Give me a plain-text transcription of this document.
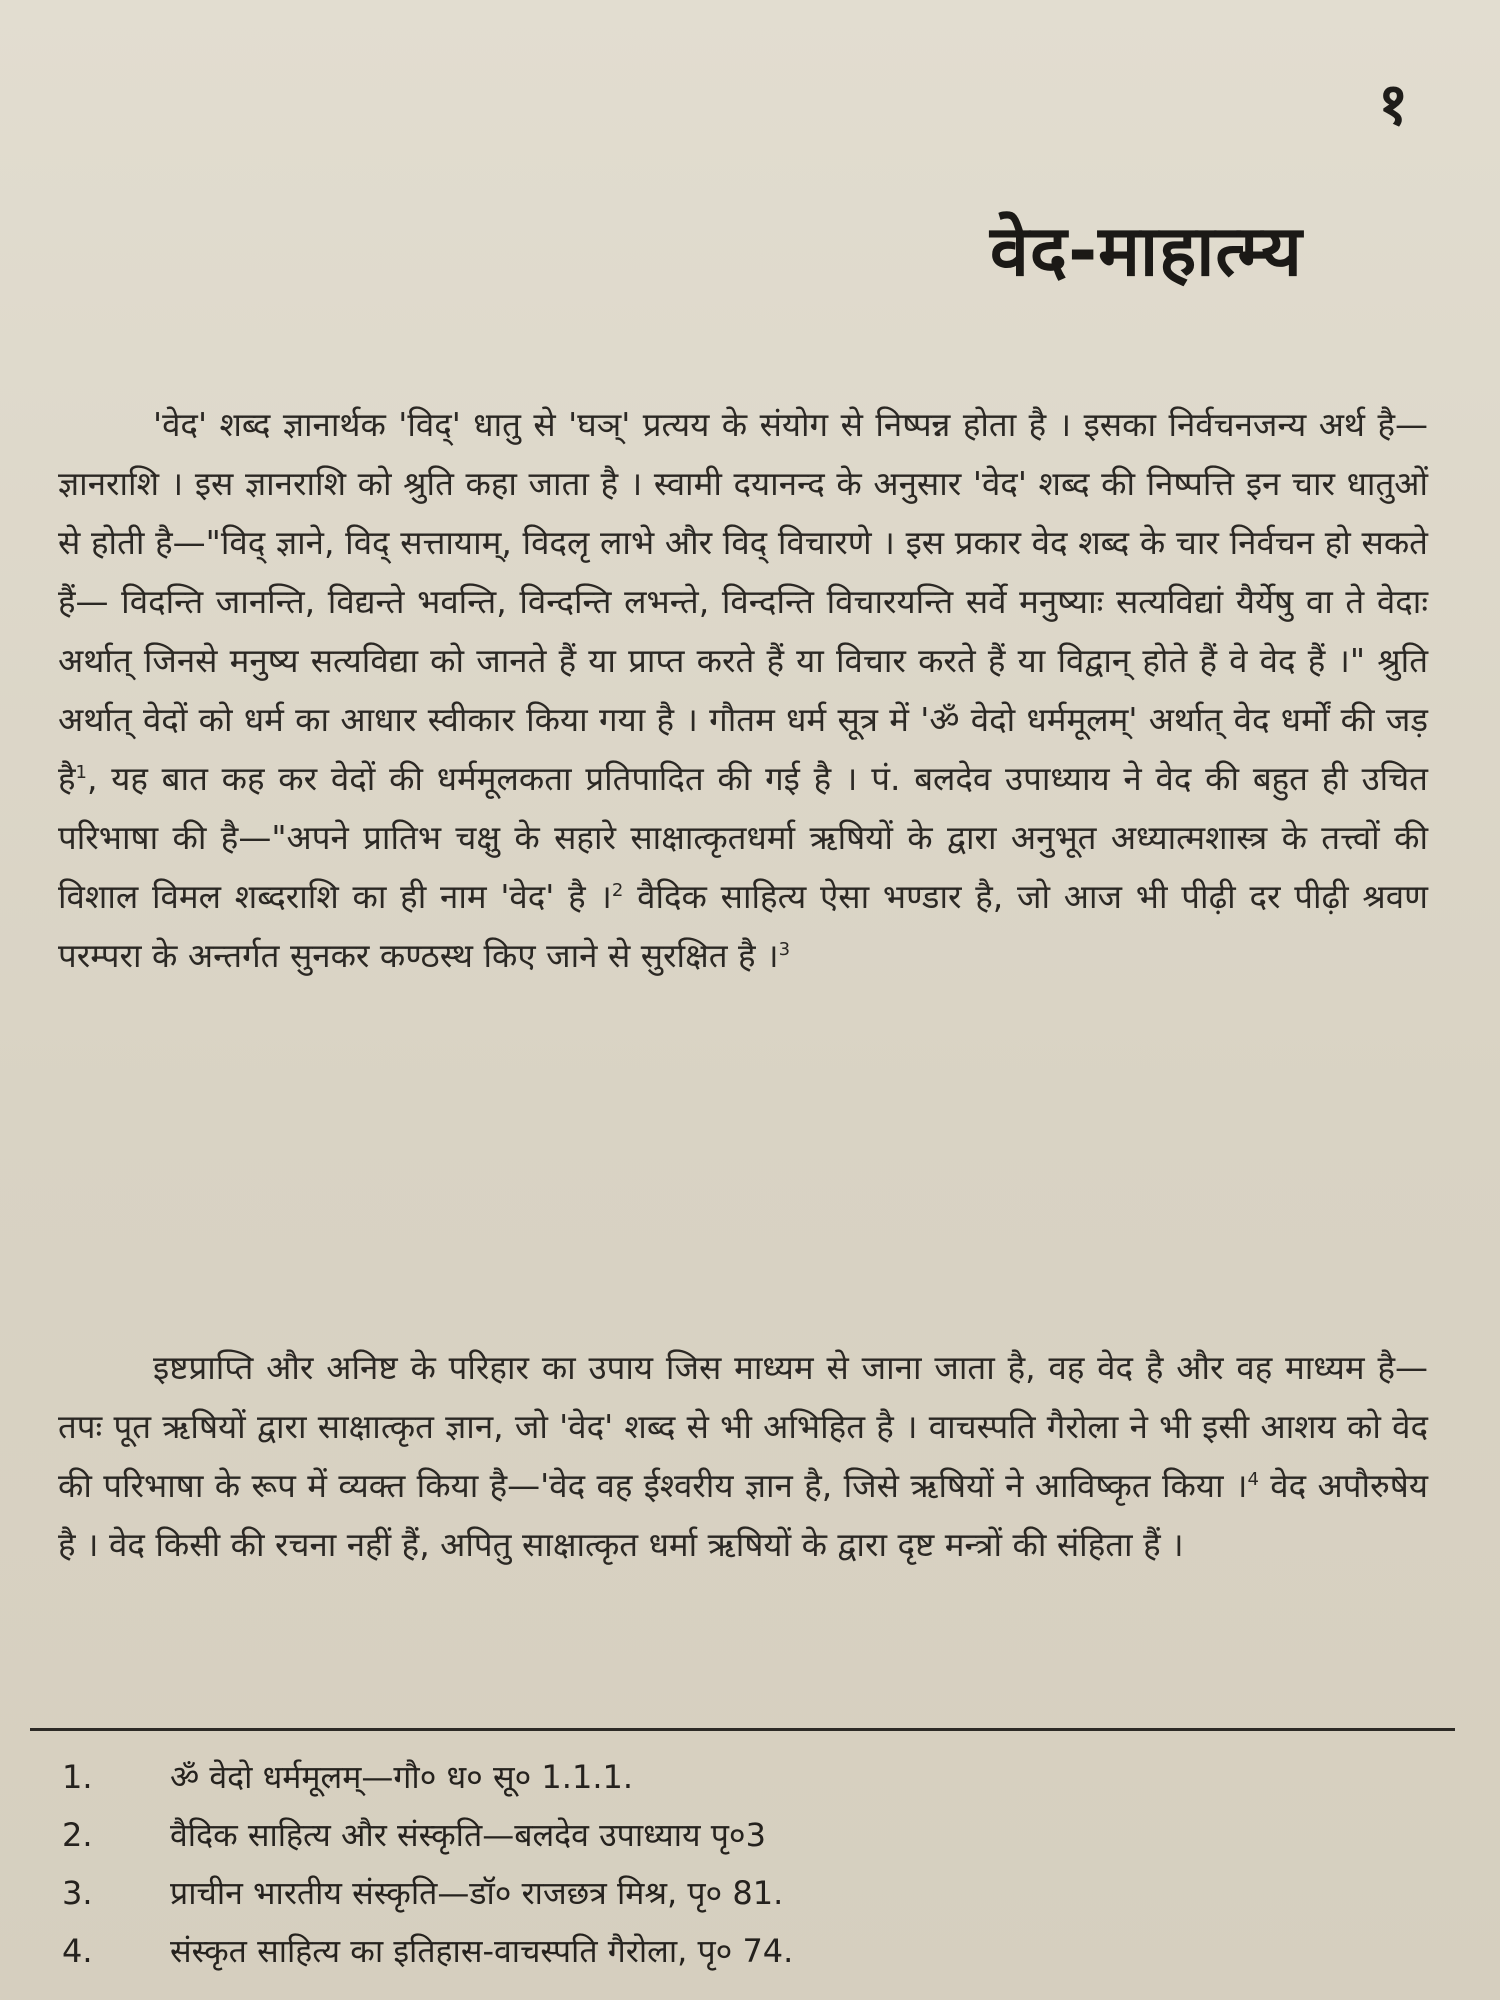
१
वेद-माहात्म्य

'वेद' शब्द ज्ञानार्थक 'विद्' धातु से 'घञ्' प्रत्यय के संयोग से निष्पन्न होता है । इसका निर्वचनजन्य अर्थ है—ज्ञानराशि । इस ज्ञानराशि को श्रुति कहा जाता है । स्वामी दयानन्द के अनुसार 'वेद' शब्द की निष्पत्ति इन चार धातुओं से होती है—"विद् ज्ञाने, विद् सत्तायाम्, विदलृ लाभे और विद् विचारणे । इस प्रकार वेद शब्द के चार निर्वचन हो सकते हैं— विदन्ति जानन्ति, विद्यन्ते भवन्ति, विन्दन्ति लभन्ते, विन्दन्ति विचारयन्ति सर्वे मनुष्याः सत्यविद्यां यैर्येषु वा ते वेदाः अर्थात् जिनसे मनुष्य सत्यविद्या को जानते हैं या प्राप्त करते हैं या विचार करते हैं या विद्वान् होते हैं वे वेद हैं ।" श्रुति अर्थात् वेदों को धर्म का आधार स्वीकार किया गया है । गौतम धर्म सूत्र में 'ॐ वेदो धर्ममूलम्' अर्थात् वेद धर्मों की जड़ है$^1$, यह बात कह कर वेदों की धर्ममूलकता प्रतिपादित की गई है । पं. बलदेव उपाध्याय ने वेद की बहुत ही उचित परिभाषा की है—"अपने प्रातिभ चक्षु के सहारे साक्षात्कृतधर्मा ऋषियों के द्वारा अनुभूत अध्यात्मशास्त्र के तत्त्वों की विशाल विमल शब्दराशि का ही नाम 'वेद' है ।$^2$ वैदिक साहित्य ऐसा भण्डार है, जो आज भी पीढ़ी दर पीढ़ी श्रवण परम्परा के अन्तर्गत सुनकर कण्ठस्थ किए जाने से सुरक्षित है ।$^3$

इष्टप्राप्ति और अनिष्ट के परिहार का उपाय जिस माध्यम से जाना जाता है, वह वेद है और वह माध्यम है— तपः पूत ऋषियों द्वारा साक्षात्कृत ज्ञान, जो 'वेद' शब्द से भी अभिहित है । वाचस्पति गैरोला ने भी इसी आशय को वेद की परिभाषा के रूप में व्यक्त किया है—'वेद वह ईश्वरीय ज्ञान है, जिसे ऋषियों ने आविष्कृत किया ।$^4$ वेद अपौरुषेय है । वेद किसी की रचना नहीं हैं, अपितु साक्षात्कृत धर्मा ऋषियों के द्वारा दृष्ट मन्त्रों की संहिता हैं ।

1.	ॐ वेदो धर्ममूलम्—गौ० ध० सू० 1.1.1.
2.	वैदिक साहित्य और संस्कृति—बलदेव उपाध्याय पृ०3
3.	प्राचीन भारतीय संस्कृति—डॉ० राजछत्र मिश्र, पृ० 81.
4.	संस्कृत साहित्य का इतिहास-वाचस्पति गैरोला, पृ० 74.
